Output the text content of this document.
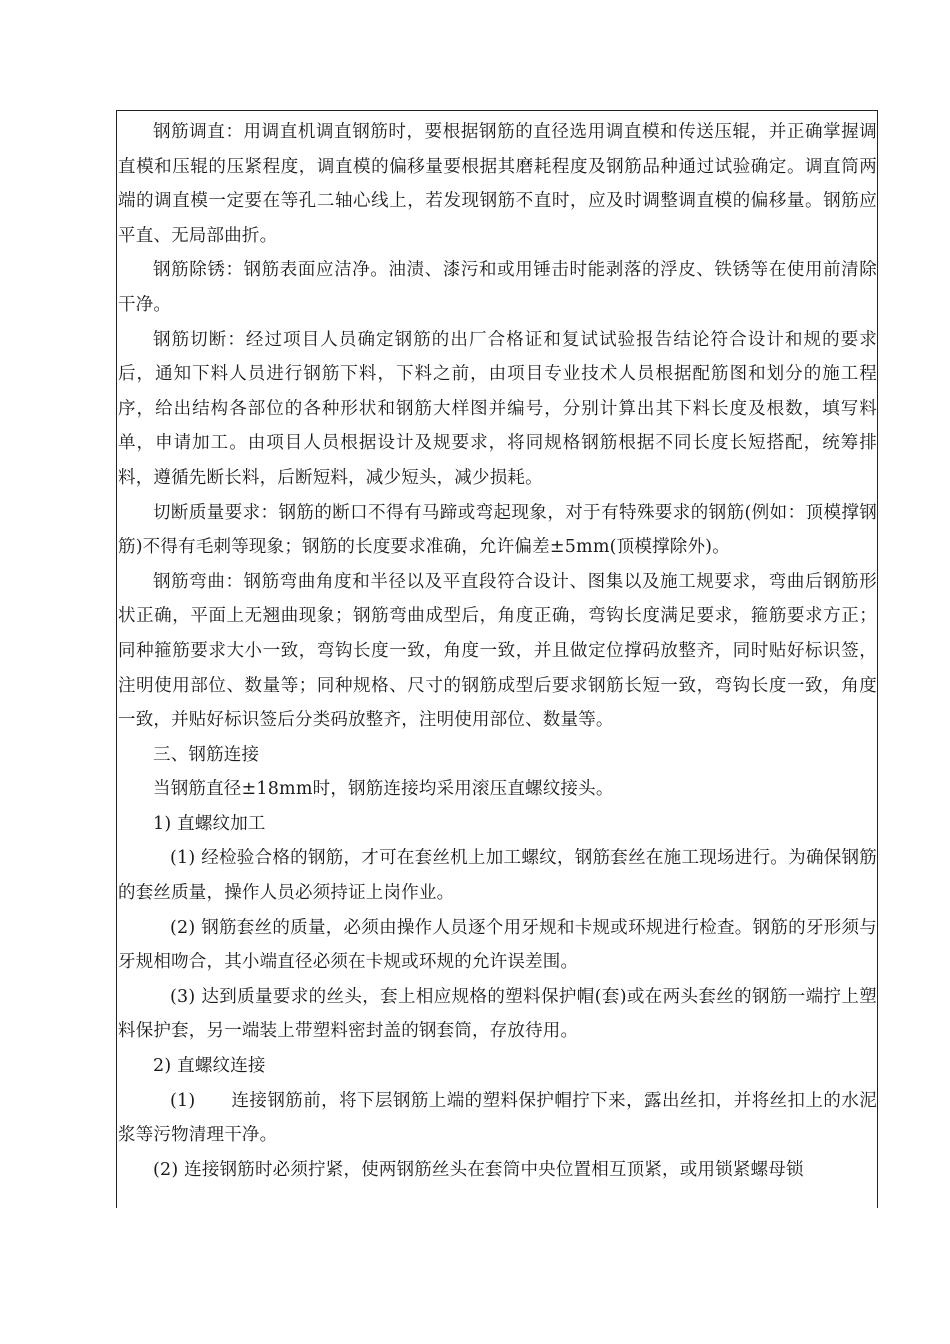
钢筋调直：用调直机调直钢筋时，要根据钢筋的直径选用调直模和传送压辊，并正确掌握调直模和压辊的压紧程度，调直模的偏移量要根据其磨耗程度及钢筋品种通过试验确定。调直筒两端的调直模一定要在等孔二轴心线上，若发现钢筋不直时，应及时调整调直模的偏移量。钢筋应平直、无局部曲折。

钢筋除锈：钢筋表面应洁净。油渍、漆污和或用锤击时能剥落的浮皮、铁锈等在使用前清除干净。

钢筋切断：经过项目人员确定钢筋的出厂合格证和复试试验报告结论符合设计和规的要求后，通知下料人员进行钢筋下料，下料之前，由项目专业技术人员根据配筋图和划分的施工程序，给出结构各部位的各种形状和钢筋大样图并编号，分别计算出其下料长度及根数，填写料单，申请加工。由项目人员根据设计及规要求，将同规格钢筋根据不同长度长短搭配，统筹排料，遵循先断长料，后断短料，减少短头，减少损耗。

切断质量要求：钢筋的断口不得有马蹄或弯起现象，对于有特殊要求的钢筋(例如：顶模撑钢筋)不得有毛刺等现象；钢筋的长度要求准确，允许偏差±5mm(顶模撑除外)。

钢筋弯曲：钢筋弯曲角度和半径以及平直段符合设计、图集以及施工规要求，弯曲后钢筋形状正确，平面上无翘曲现象；钢筋弯曲成型后，角度正确，弯钩长度满足要求，箍筋要求方正；同种箍筋要求大小一致，弯钩长度一致，角度一致，并且做定位撑码放整齐，同时贴好标识签，注明使用部位、数量等；同种规格、尺寸的钢筋成型后要求钢筋长短一致，弯钩长度一致，角度一致，并贴好标识签后分类码放整齐，注明使用部位、数量等。

三、钢筋连接

当钢筋直径±18mm时，钢筋连接均采用滚压直螺纹接头。

1) 直螺纹加工

(1) 经检验合格的钢筋，才可在套丝机上加工螺纹，钢筋套丝在施工现场进行。为确保钢筋的套丝质量，操作人员必须持证上岗作业。

(2) 钢筋套丝的质量，必须由操作人员逐个用牙规和卡规或环规进行检查。钢筋的牙形须与牙规相吻合，其小端直径必须在卡规或环规的允许误差围。

(3) 达到质量要求的丝头，套上相应规格的塑料保护帽(套)或在两头套丝的钢筋一端拧上塑料保护套，另一端装上带塑料密封盖的钢套筒，存放待用。

2) 直螺纹连接

(1)　　连接钢筋前，将下层钢筋上端的塑料保护帽拧下来，露出丝扣，并将丝扣上的水泥浆等污物清理干净。

(2) 连接钢筋时必须拧紧，使两钢筋丝头在套筒中央位置相互顶紧，或用锁紧螺母锁
